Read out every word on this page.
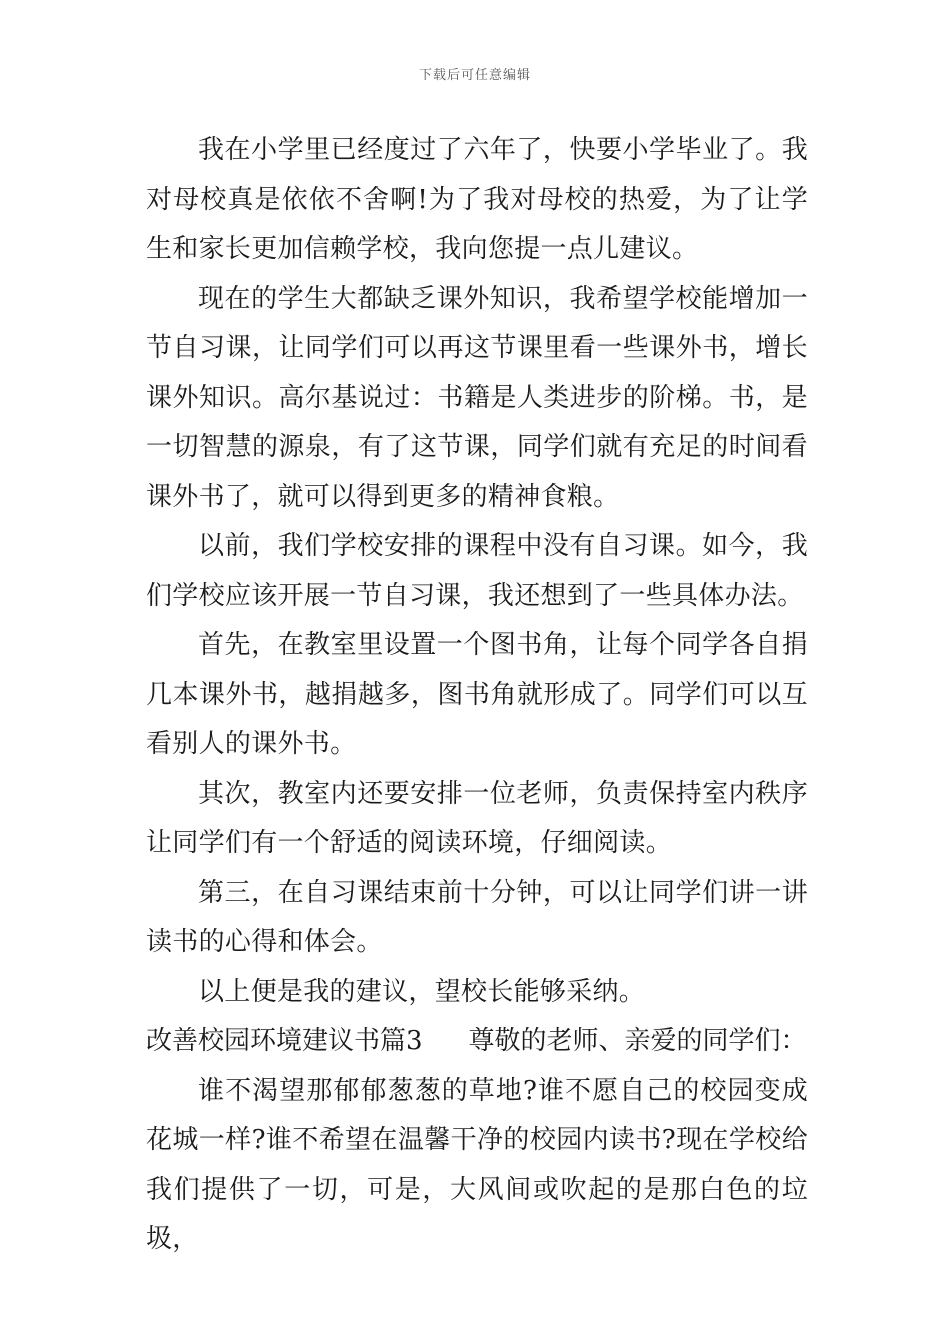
下载后可任意编辑

我在小学里已经度过了六年了，快要小学毕业了。我对母校真是依依不舍啊!为了我对母校的热爱，为了让学生和家长更加信赖学校，我向您提一点儿建议。

现在的学生大都缺乏课外知识，我希望学校能增加一节自习课，让同学们可以再这节课里看一些课外书，增长课外知识。高尔基说过：书籍是人类进步的阶梯。书，是一切智慧的源泉，有了这节课，同学们就有充足的时间看课外书了，就可以得到更多的精神食粮。

以前，我们学校安排的课程中没有自习课。如今，我们学校应该开展一节自习课，我还想到了一些具体办法。

首先，在教室里设置一个图书角，让每个同学各自捐几本课外书，越捐越多，图书角就形成了。同学们可以互看别人的课外书。

其次，教室内还要安排一位老师，负责保持室内秩序让同学们有一个舒适的阅读环境，仔细阅读。

第三，在自习课结束前十分钟，可以让同学们讲一讲读书的心得和体会。

以上便是我的建议，望校长能够采纳。

改善校园环境建议书篇3 尊敬的老师、亲爱的同学们：

谁不渴望那郁郁葱葱的草地?谁不愿自己的校园变成花城一样?谁不希望在温馨干净的校园内读书?现在学校给我们提供了一切，可是，大风间或吹起的是那白色的垃圾，
